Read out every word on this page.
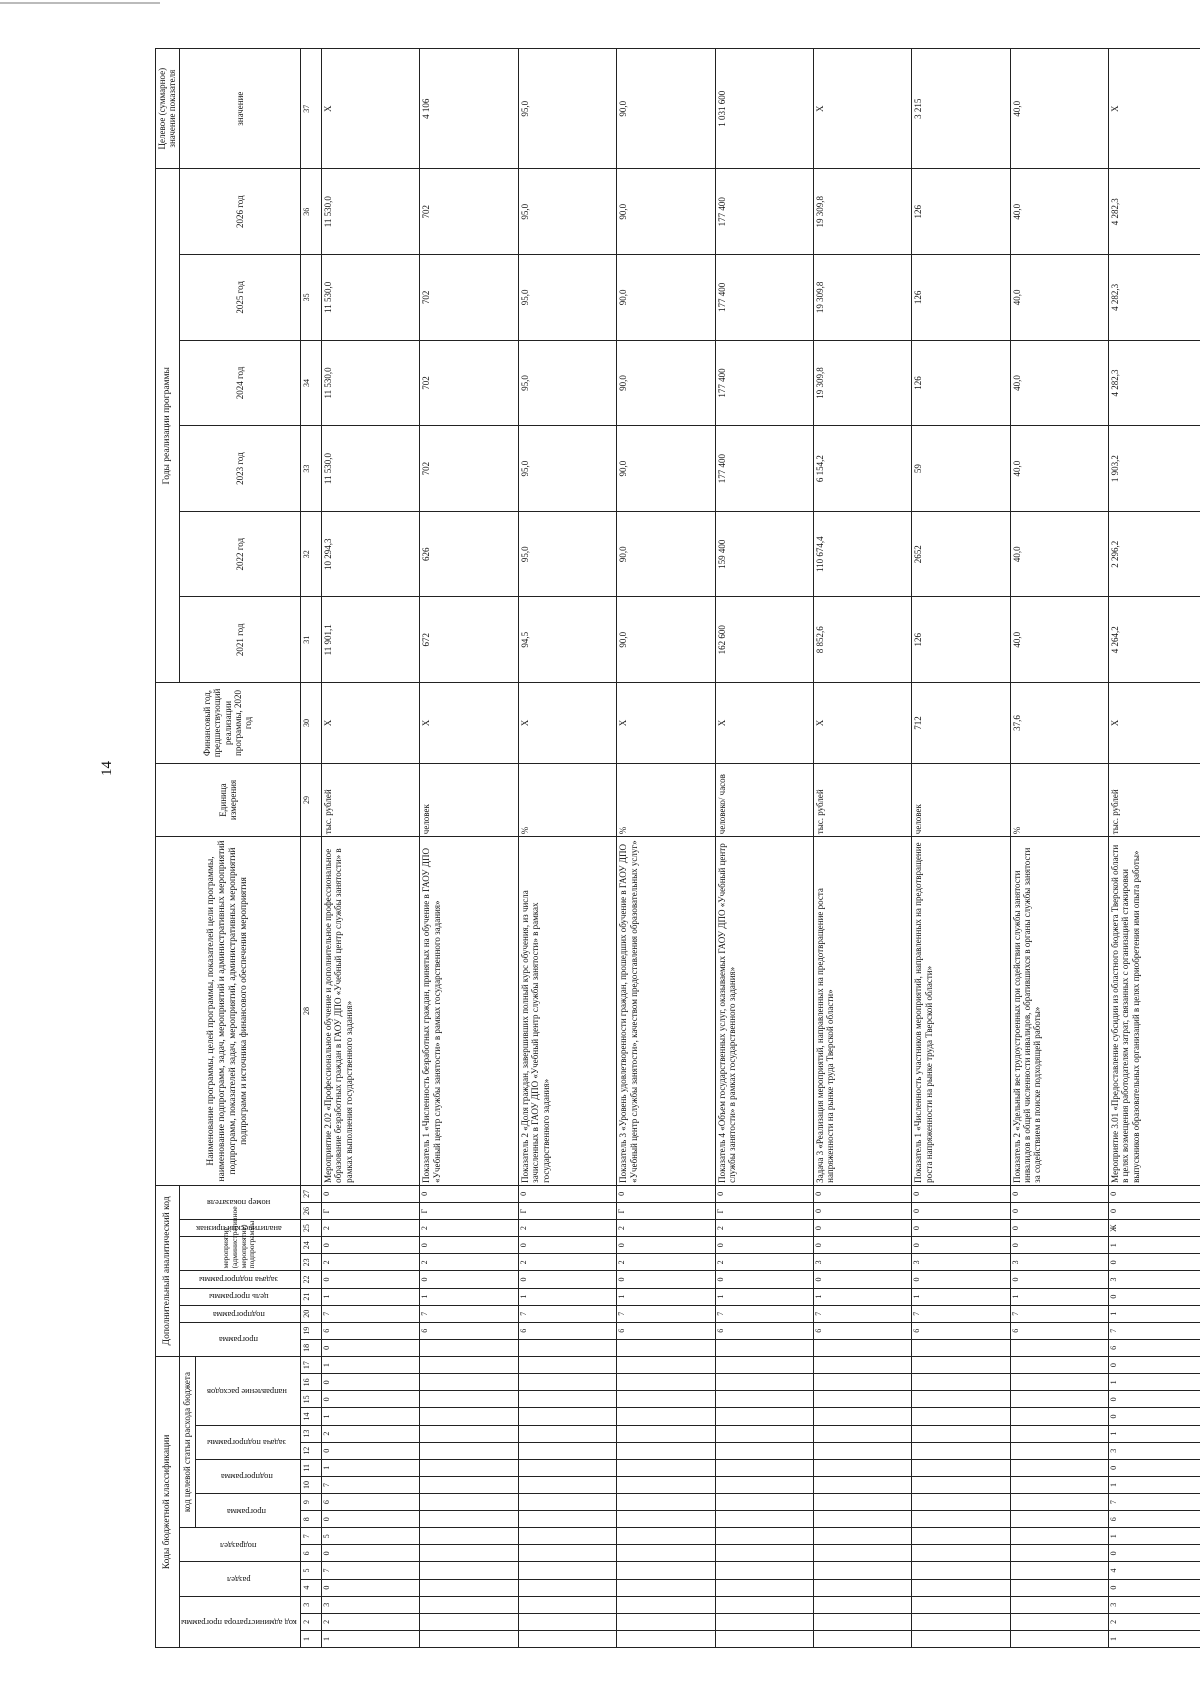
14
Коды бюджетной классификации																	Дополнительный аналитический код										Наименование программы, целей программы, показателей цели программы, наименование подпрограмм, задач, мероприятий и административных мероприятий подпрограмм, показателей задач, мероприятий, административных мероприятий подпрограмм и источника финансового обеспечения мероприятия	Единица измерения	Финансовый год, предшествующий реализации программы, 2020 год	Годы реализации программы						Целевое (суммарное) значение показателя
код администратора программы			раздел		подраздел		код целевой статьи расхода бюджета										программа		подпрограмма	цель программы	задача подпрограммы	мероприятие (административное мероприятие) подпрограммы		аналитический признак	номер показателя					2021 год	2022 год	2023 год	2024 год	2025 год	2026 год	значение
							программа		подпрограмма		задача подпрограммы		направление расходов																							
1	2	3	4	5	6	7	8	9	10	11	12	13	14	15	16	17	18	19	20	21	22	23	24	25	26	27	28	29	30	31	32	33	34	35	36	37
1	2	3	0	7	0	5	0	6	7	1	0	2	1	0	0	1	0	6	7	1	0	2	0	2	Г	0	Мероприятие 2.02 «Профессиональное обучение и дополнительное профессиональное образование безработных граждан в ГАОУ ДПО «Учебный центр службы занятости» в рамках выполнения государственного задания»	тыс. рублей	Х	11 901,1	10 294,3	11 530,0	11 530,0	11 530,0	11 530,0	Х
																		6	7	1	0	2	0	2	Г	0	Показатель 1 «Численность безработных граждан, принятых на обучение в ГАОУ ДПО «Учебный центр службы занятости» в рамках государственного задания»	человек	Х	672	626	702	702	702	702	4 106
																		6	7	1	0	2	0	2	Г	0	Показатель 2 «Доля граждан, завершивших полный курс обучения, из числа зачисленных в ГАОУ ДПО «Учебный центр службы занятости» в рамках государственного задания»	%	Х	94,5	95,0	95,0	95,0	95,0	95,0	95,0
																		6	7	1	0	2	0	2	Г	0	Показатель 3 «Уровень удовлетворенности граждан, прошедших обучение в ГАОУ ДПО «Учебный центр службы занятости», качеством предоставления образовательных услуг»	%	Х	90,0	90,0	90,0	90,0	90,0	90,0	90,0
																		6	7	1	0	2	0	2	Г	0	Показатель 4 «Объем государственных услуг, оказываемых ГАОУ ДПО «Учебный центр службы занятости» в рамках государственного задания»	человеко/ часов	Х	162 600	159 400	177 400	177 400	177 400	177 400	1 031 600
																		6	7	1	0	3	0	0	0	0	Задача 3 «Реализация мероприятий, направленных на предотвращение роста напряженности на рынке труда Тверской области»	тыс. рублей	Х	8 852,6	110 674,4	6 154,2	19 309,8	19 309,8	19 309,8	Х
																		6	7	1	0	3	0	0	0	0	Показатель 1 «Численность участников мероприятий, направленных на предотвращение роста напряженности на рынке труда Тверской области»	человек	712	126	2652	59	126	126	126	3 215
																		6	7	1	0	3	0	0	0	0	Показатель 2 «Удельный вес трудоустроенных при содействии службы занятости инвалидов в общей численности инвалидов, обратившихся в органы службы занятости за содействием в поиске подходящей работы»	%	37,6	40,0	40,0	40,0	40,0	40,0	40,0	40,0
1	2	3	0	4	0	1	6	7	1	0	3	1	0	0	1	0	6	7	1	0	3	0	1	Ж	0	0	Мероприятие 3.01 «Предоставление субсидии из областного бюджета Тверской области в целях возмещения работодателям затрат, связанных с организацией стажировки выпускников образовательных организаций в целях приобретения ими опыта работы»	тыс. рублей	Х	4 264,2	2 296,2	1 903,2	4 282,3	4 282,3	4 282,3	Х
